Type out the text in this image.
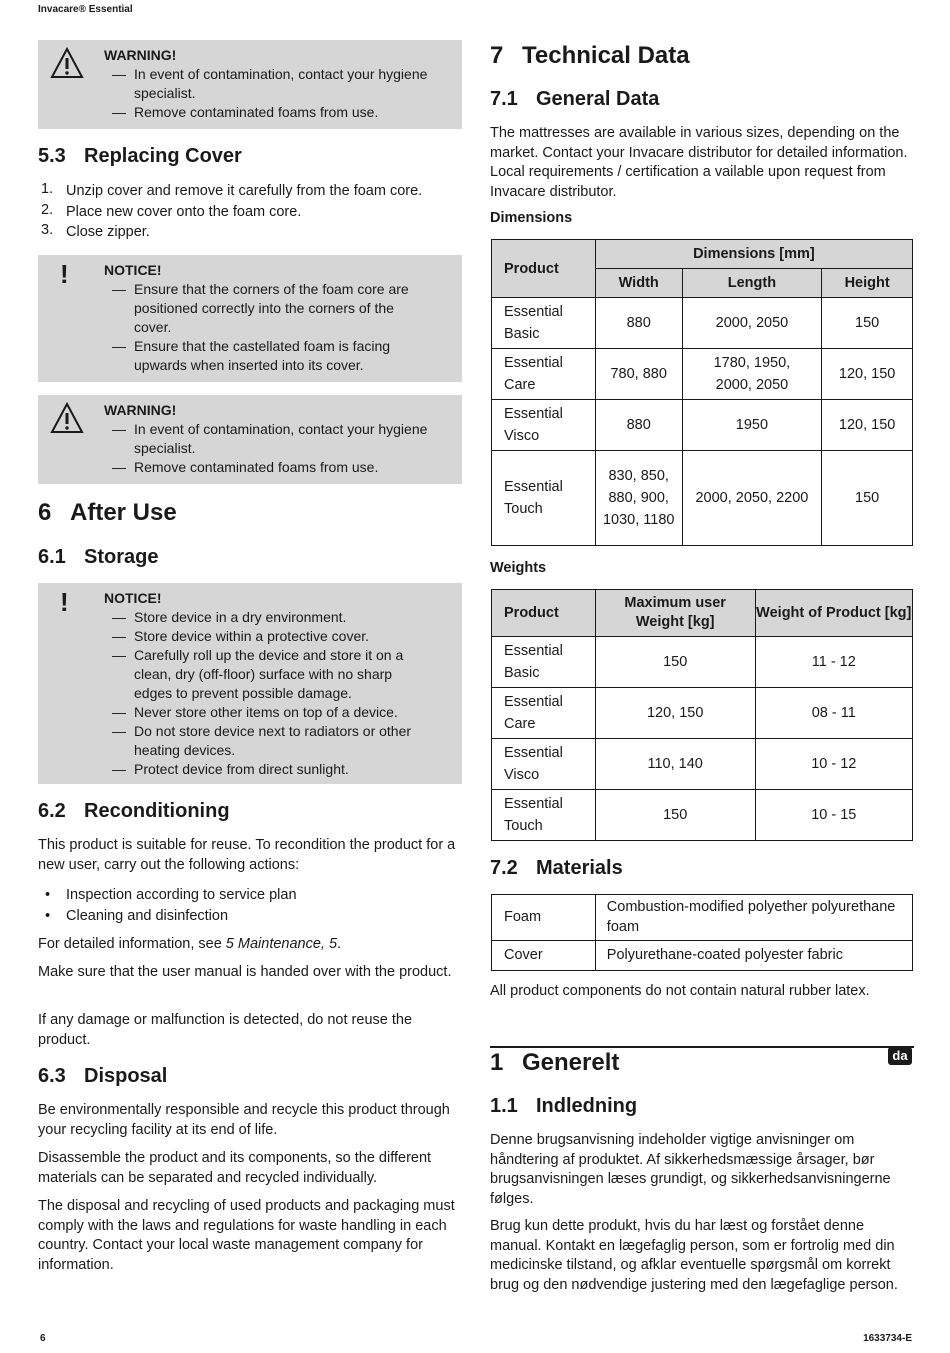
Invacare® Essential
WARNING!
— In event of contamination, contact your hygiene specialist.
— Remove contaminated foams from use.
5.3 Replacing Cover
1. Unzip cover and remove it carefully from the foam core.
2. Place new cover onto the foam core.
3. Close zipper.
!	NOTICE!
— Ensure that the corners of the foam core are positioned correctly into the corners of the cover.
— Ensure that the castellated foam is facing upwards when inserted into its cover.
WARNING!
— In event of contamination, contact your hygiene specialist.
— Remove contaminated foams from use.
6 After Use
6.1 Storage
!	NOTICE!
— Store device in a dry environment.
— Store device within a protective cover.
— Carefully roll up the device and store it on a clean, dry (off-floor) surface with no sharp edges to prevent possible damage.
— Never store other items on top of a device.
— Do not store device next to radiators or other heating devices.
— Protect device from direct sunlight.
6.2 Reconditioning

This product is suitable for reuse. To recondition the product for a new user, carry out the following actions:

• Inspection according to service plan
• Cleaning and disinfection

For detailed information, see 5 Maintenance, 5.

Make sure that the user manual is handed over with the product.

If any damage or malfunction is detected, do not reuse the product.

6.3 Disposal

Be environmentally responsible and recycle this product through your recycling facility at its end of life.

Disassemble the product and its components, so the different materials can be separated and recycled individually.

The disposal and recycling of used products and packaging must comply with the laws and regulations for waste handling in each country. Contact your local waste management company for information.

7 Technical Data
7.1 General Data

The mattresses are available in various sizes, depending on the market. Contact your Invacare distributor for detailed information. Local requirements / certification a vailable upon request from Invacare distributor.

Dimensions
Product	Dimensions [mm]		
	Width	Length	Height
Essential Basic	880	2000, 2050	150
Essential Care	780, 880	1780, 1950, 2000, 2050	120, 150
Essential Visco	880	1950	120, 150
Essential Touch	830, 850, 880, 900, 1030, 1180	2000, 2050, 2200	150
Weights
Product	Maximum user Weight [kg]	Weight of Product [kg]
Essential Basic	150	11 - 12
Essential Care	120, 150	08 - 11
Essential Visco	110, 140	10 - 12
Essential Touch	150	10 - 15
7.2 Materials
Foam	Combustion-modified polyether polyurethane foam
Cover	Polyurethane-coated polyester fabric

All product components do not contain natural rubber latex.

da
1 Generelt
1.1 Indledning

Denne brugsanvisning indeholder vigtige anvisninger om håndtering af produktet. Af sikkerhedsmæssige årsager, bør brugsanvisningen læses grundigt, og sikkerhedsanvisningerne følges.

Brug kun dette produkt, hvis du har læst og forstået denne manual. Kontakt en lægefaglig person, som er fortrolig med din medicinske tilstand, og afklar eventuelle spørgsmål om korrekt brug og den nødvendige justering med den lægefaglige person.

6	1633734-E
